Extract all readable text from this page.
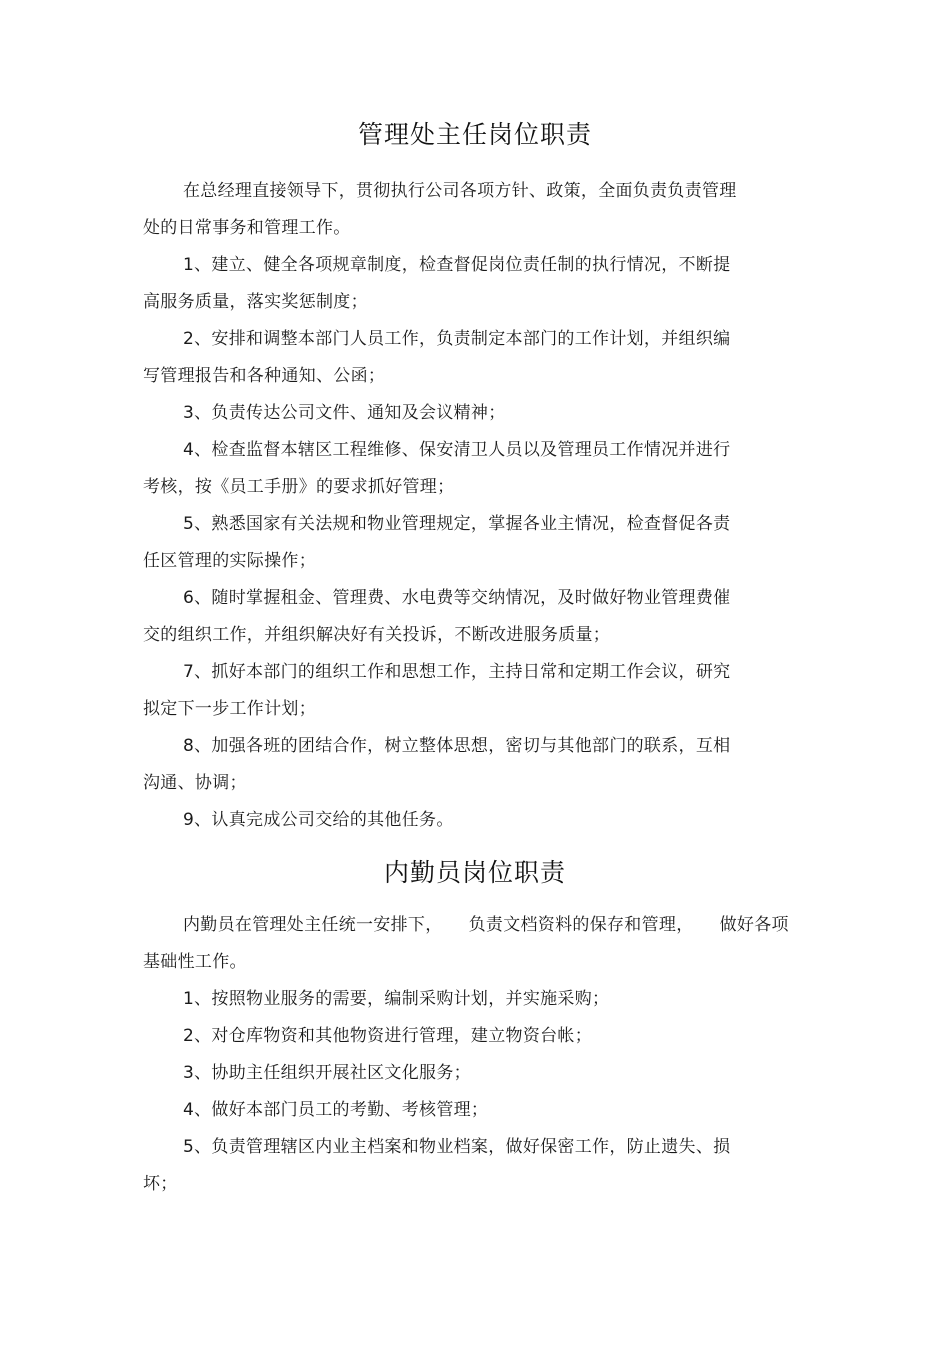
管理处主任岗位职责

在总经理直接领导下，贯彻执行公司各项方针、政策，全面负责负责管理处的日常事务和管理工作。

1、建立、健全各项规章制度，检查督促岗位责任制的执行情况，不断提高服务质量，落实奖惩制度；

2、安排和调整本部门人员工作，负责制定本部门的工作计划，并组织编写管理报告和各种通知、公函；

3、负责传达公司文件、通知及会议精神；

4、检查监督本辖区工程维修、保安清卫人员以及管理员工作情况并进行考核，按《员工手册》的要求抓好管理；

5、熟悉国家有关法规和物业管理规定，掌握各业主情况，检查督促各责任区管理的实际操作；

6、随时掌握租金、管理费、水电费等交纳情况，及时做好物业管理费催交的组织工作，并组织解决好有关投诉，不断改进服务质量；

7、抓好本部门的组织工作和思想工作，主持日常和定期工作会议，研究拟定下一步工作计划；

8、加强各班的团结合作，树立整体思想，密切与其他部门的联系，互相沟通、协调；

9、认真完成公司交给的其他任务。

内勤员岗位职责

内勤员在管理处主任统一安排下，　　负责文档资料的保存和管理，　　做好各项基础性工作。

1、按照物业服务的需要，编制采购计划，并实施采购；

2、对仓库物资和其他物资进行管理，建立物资台帐；

3、协助主任组织开展社区文化服务；

4、做好本部门员工的考勤、考核管理；

5、负责管理辖区内业主档案和物业档案，做好保密工作，防止遗失、损坏；
